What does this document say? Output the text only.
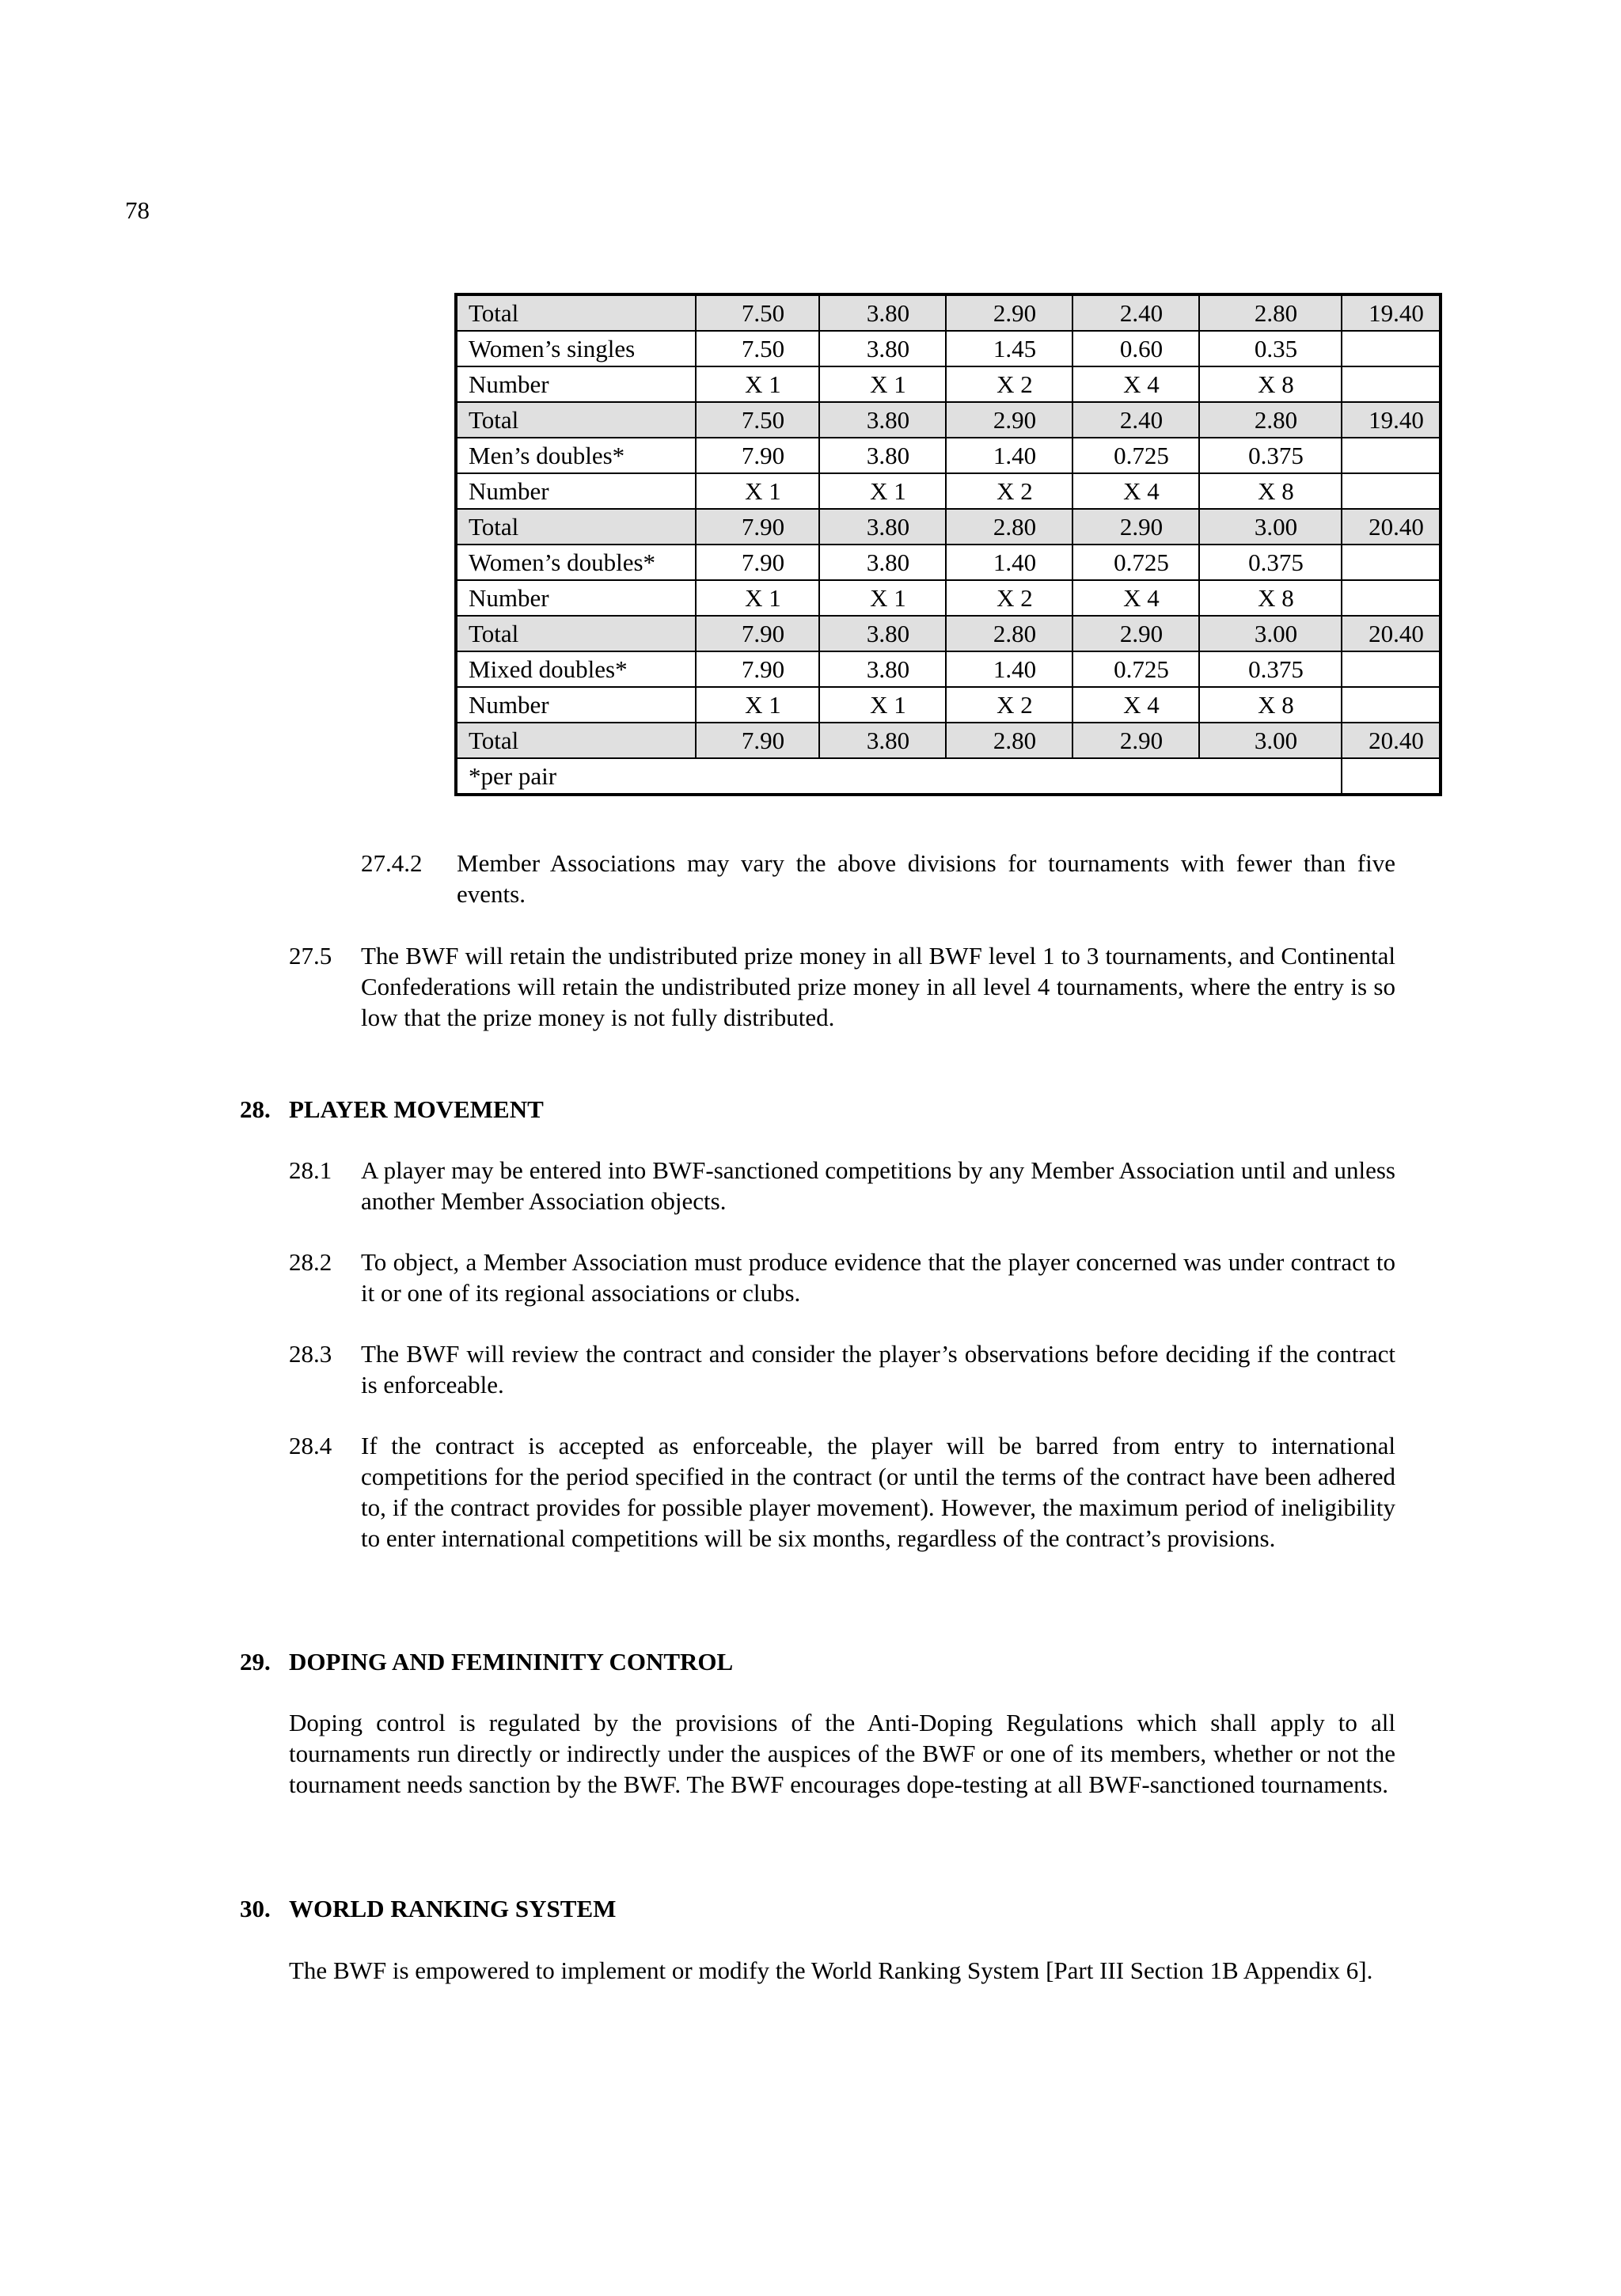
78
Total	7.50	3.80	2.90	2.40	2.80	19.40
Women’s singles	7.50	3.80	1.45	0.60	0.35	
Number	X 1	X 1	X 2	X 4	X 8	
Total	7.50	3.80	2.90	2.40	2.80	19.40
Men’s doubles*	7.90	3.80	1.40	0.725	0.375	
Number	X 1	X 1	X 2	X 4	X 8	
Total	7.90	3.80	2.80	2.90	3.00	20.40
Women’s doubles*	7.90	3.80	1.40	0.725	0.375	
Number	X 1	X 1	X 2	X 4	X 8	
Total	7.90	3.80	2.80	2.90	3.00	20.40
Mixed doubles*	7.90	3.80	1.40	0.725	0.375	
Number	X 1	X 1	X 2	X 4	X 8	
Total	7.90	3.80	2.80	2.90	3.00	20.40
*per pair						
27.4.2 Member Associations may vary the above divisions for tournaments with fewer than five events.
27.5 The BWF will retain the undistributed prize money in all BWF level 1 to 3 tournaments, and Continental Confederations will retain the undistributed prize money in all level 4 tournaments, where the entry is so low that the prize money is not fully distributed.
28. PLAYER MOVEMENT
28.1 A player may be entered into BWF-sanctioned competitions by any Member Association until and unless another Member Association objects.
28.2 To object, a Member Association must produce evidence that the player concerned was under contract to it or one of its regional associations or clubs.
28.3 The BWF will review the contract and consider the player’s observations before deciding if the contract is enforceable.
28.4 If the contract is accepted as enforceable, the player will be barred from entry to international competitions for the period specified in the contract (or until the terms of the contract have been adhered to, if the contract provides for possible player movement). However, the maximum period of ineligibility to enter international competitions will be six months, regardless of the contract’s provisions.
29. DOPING AND FEMININITY CONTROL
Doping control is regulated by the provisions of the Anti-Doping Regulations which shall apply to all tournaments run directly or indirectly under the auspices of the BWF or one of its members, whether or not the tournament needs sanction by the BWF. The BWF encourages dope-testing at all BWF-sanctioned tournaments.
30. WORLD RANKING SYSTEM
The BWF is empowered to implement or modify the World Ranking System [Part III Section 1B Appendix 6].
